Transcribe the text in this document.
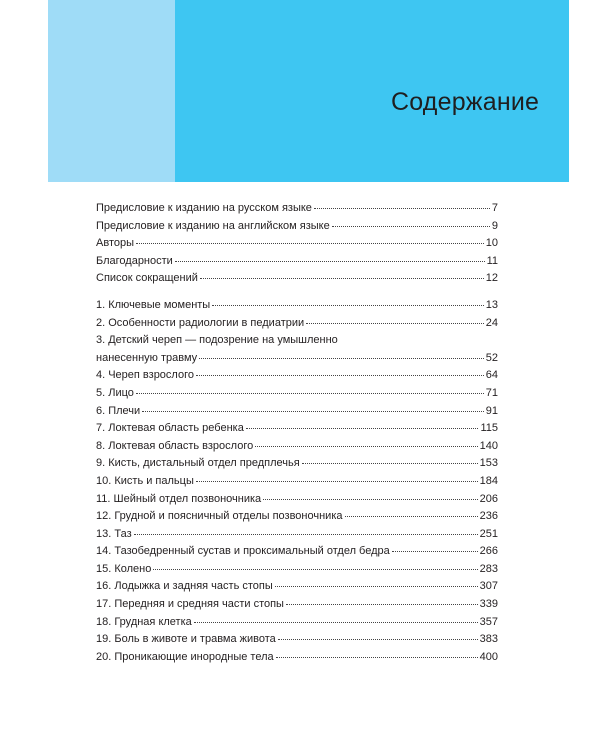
Содержание
Предисловие к изданию на русском языке	7
Предисловие к изданию на английском языке	9
Авторы	10
Благодарности	11
Список сокращений	12
1. Ключевые моменты	13
2. Особенности радиологии в педиатрии	24
3. Детский череп — подозрение на умышленно
нанесенную травму	52
4. Череп взрослого	64
5. Лицо	71
6. Плечи	91
7. Локтевая область ребенка	115
8. Локтевая область взрослого	140
9. Кисть, дистальный отдел предплечья	153
10. Кисть и пальцы	184
11. Шейный отдел позвоночника	206
12. Грудной и поясничный отделы позвоночника	236
13. Таз	251
14. Тазобедренный сустав и проксимальный отдел бедра	266
15. Колено	283
16. Лодыжка и задняя часть стопы	307
17. Передняя и средняя части стопы	339
18. Грудная клетка	357
19. Боль в животе и травма живота	383
20. Проникающие инородные тела	400
